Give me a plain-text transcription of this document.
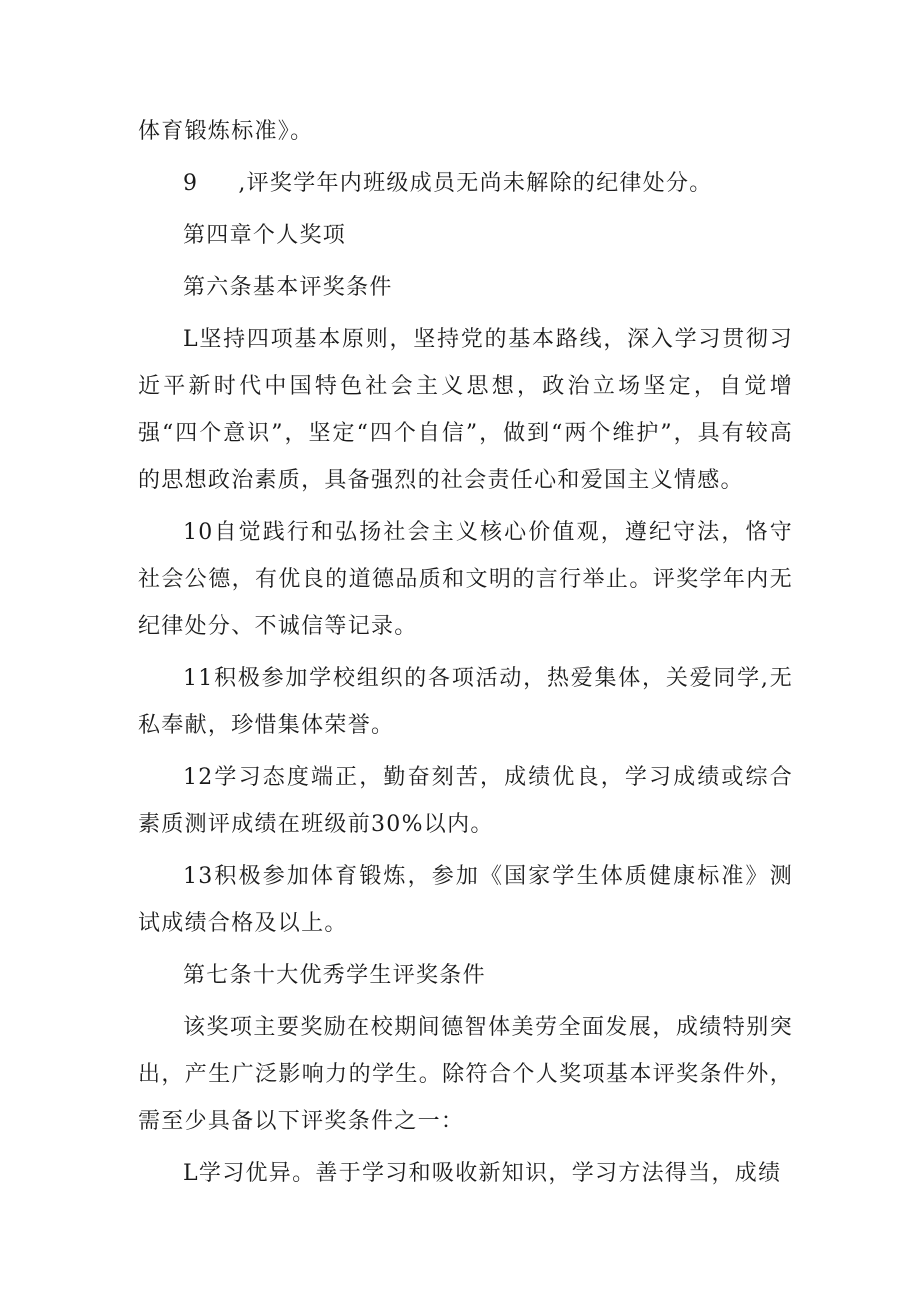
体育锻炼标准》。

9 ,评奖学年内班级成员无尚未解除的纪律处分。

第四章个人奖项

第六条基本评奖条件

L坚持四项基本原则，坚持党的基本路线，深入学习贯彻习近平新时代中国特色社会主义思想，政治立场坚定，自觉增强“四个意识”，坚定“四个自信”，做到“两个维护”，具有较高的思想政治素质，具备强烈的社会责任心和爱国主义情感。

10自觉践行和弘扬社会主义核心价值观，遵纪守法，恪守社会公德，有优良的道德品质和文明的言行举止。评奖学年内无纪律处分、不诚信等记录。

11积极参加学校组织的各项活动，热爱集体，关爱同学,无私奉献，珍惜集体荣誉。

12学习态度端正，勤奋刻苦，成绩优良，学习成绩或综合素质测评成绩在班级前30%以内。

13积极参加体育锻炼，参加《国家学生体质健康标准》测试成绩合格及以上。

第七条十大优秀学生评奖条件

该奖项主要奖励在校期间德智体美劳全面发展，成绩特别突出，产生广泛影响力的学生。除符合个人奖项基本评奖条件外，需至少具备以下评奖条件之一：

L学习优异。善于学习和吸收新知识，学习方法得当，成绩
